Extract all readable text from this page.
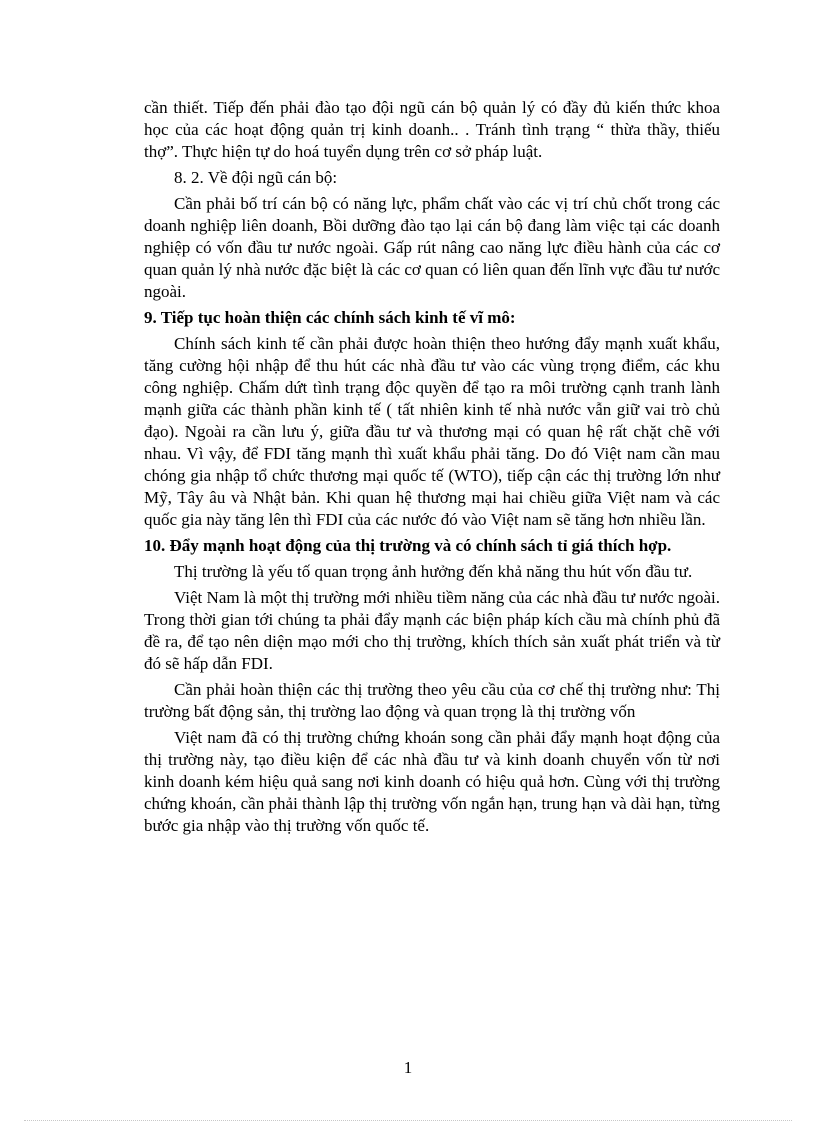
cần thiết. Tiếp đến phải đào tạo đội ngũ cán bộ quản lý có đầy đủ kiến thức khoa học của các hoạt động quản trị kinh doanh.. . Tránh tình trạng “ thừa thầy, thiếu thợ”. Thực hiện tự do hoá tuyển dụng trên cơ sở pháp luật.

8. 2. Về đội ngũ cán bộ:

Cần phải bố trí cán bộ có năng lực, phẩm chất vào các vị trí chủ chốt trong các doanh nghiệp liên doanh, Bồi dưỡng đào tạo lại cán bộ đang làm việc tại các doanh nghiệp có vốn đầu tư nước ngoài. Gấp rút nâng cao năng lực điều hành của các cơ quan quản lý nhà nước đặc biệt là các cơ quan có liên quan đến lĩnh vực đầu tư nước ngoài.

9. Tiếp tục hoàn thiện các chính sách kinh tế vĩ mô:

Chính sách kinh tế cần phải được hoàn thiện theo hướng đẩy mạnh xuất khẩu, tăng cường hội nhập để thu hút các nhà đầu tư vào các vùng trọng điểm, các khu công nghiệp. Chấm dứt tình trạng độc quyền để tạo ra môi trường cạnh tranh lành mạnh giữa các thành phần kinh tế ( tất nhiên kinh tế nhà nước vẫn giữ vai trò chủ đạo). Ngoài ra cần lưu ý, giữa đầu tư và thương mại có quan hệ rất chặt chẽ với nhau. Vì vậy, để FDI tăng mạnh thì xuất khẩu phải tăng. Do đó Việt nam cần mau chóng gia nhập tổ chức thương mại quốc tế (WTO), tiếp cận các thị trường lớn như Mỹ, Tây âu và Nhật bản. Khi quan hệ thương mại hai chiều giữa Việt nam và các quốc gia này tăng lên thì FDI của các nước đó vào Việt nam sẽ tăng hơn nhiều lần.

10. Đẩy mạnh hoạt động của thị trường và có chính sách tỉ giá thích hợp.

Thị trường là yếu tố quan trọng ảnh hưởng đến khả năng thu hút vốn đầu tư.

Việt Nam là một thị trường mới nhiều tiềm năng của các nhà đầu tư nước ngoài. Trong thời gian tới chúng ta phải đẩy mạnh các biện pháp kích cầu mà chính phủ đã đề ra, để tạo nên diện mạo mới cho thị trường, khích thích sản xuất phát triển và từ đó sẽ hấp dẫn FDI.

Cần phải hoàn thiện các thị trường theo yêu cầu của cơ chế thị trường như: Thị trường bất động sản, thị trường lao động và quan trọng là thị trường vốn

Việt nam đã có thị trường chứng khoán song cần phải đẩy mạnh hoạt động của thị trường này, tạo điều kiện để các nhà đầu tư và kinh doanh chuyển vốn từ nơi kinh doanh kém hiệu quả sang nơi kinh doanh có hiệu quả hơn. Cùng với thị trường chứng khoán, cần phải thành lập thị trường vốn ngắn hạn, trung hạn và dài hạn, từng bước gia nhập vào thị trường vốn quốc tế.

1
